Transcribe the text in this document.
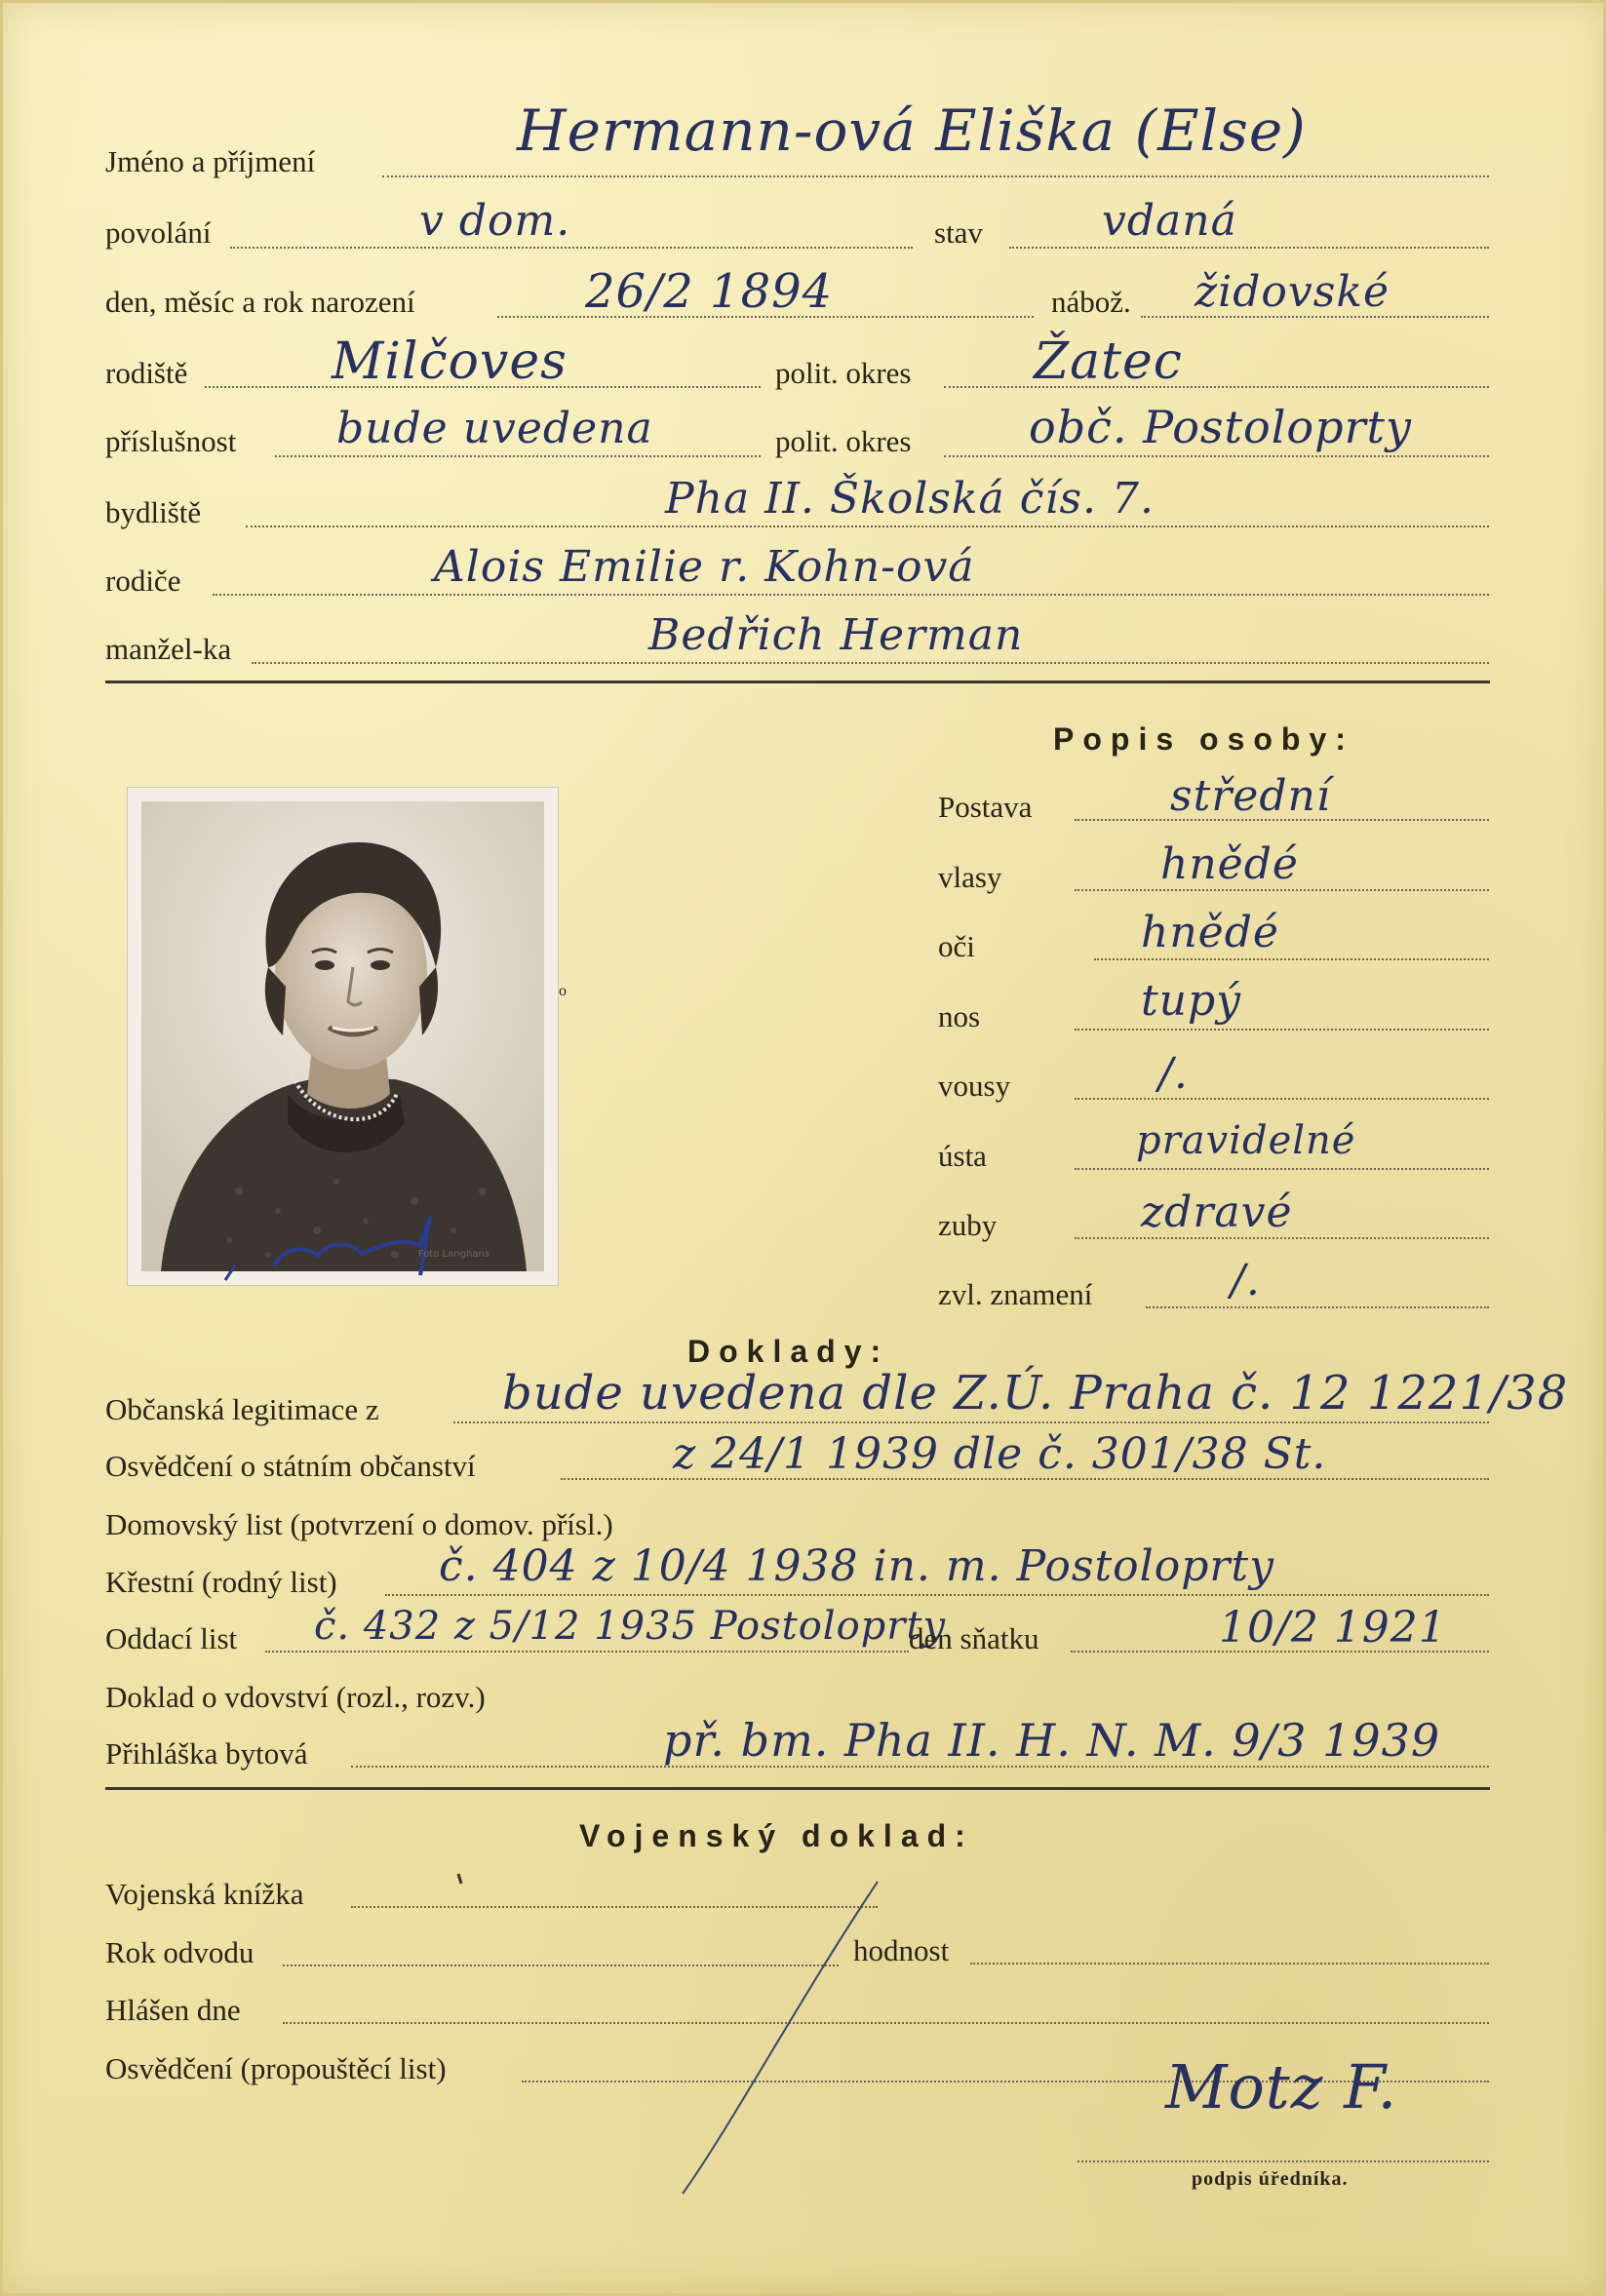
Jméno a příjmení	Hermann-ová Eliška (Else)
povolání	v dom.	stav	vdaná
den, měsíc a rok narození	26/2 1894	nábož. židovské
rodiště	Milčoves	polit. okres Žatec
příslušnost bude uvedena	polit. okres	obč. Postoloprty
bydliště	Pha II. Školská čís. 7.
rodiče	Alois Emilie r. Kohn-ová
manžel-ka	Bedřich Herman
Popis osoby:
Postava	střední
vlasy	hnědé
oči	hnědé
nos	tupý
vousy	/.
ústa	pravidelné
zuby	zdravé
zvl. znamení	/.
Foto Langhans
o
Doklady:
Občanská legitimace z	bude uvedena dle Z.Ú. Praha č. 12 1221/38
Osvědčení o státním občanství	z 24/1 1939 dle č. 301/38 St.
Domovský list (potvrzení o domov. přísl.)
Křestní (rodný list) č. 404 z 10/4 1938 in. m. Postoloprty
Oddací list č. 432 z 5/12 1935 Postoloprty
den sňatku	10/2 1921
Doklad o vdovství (rozl., rozv.)
Přihláška bytová	př. bm. Pha II. H. N. M. 9/3 1939
Vojenský doklad:
Vojenská knížka
Rok odvodu	hodnost
Hlášen dne
Osvědčení (propouštěcí list)	Motz F.
podpis úředníka.
